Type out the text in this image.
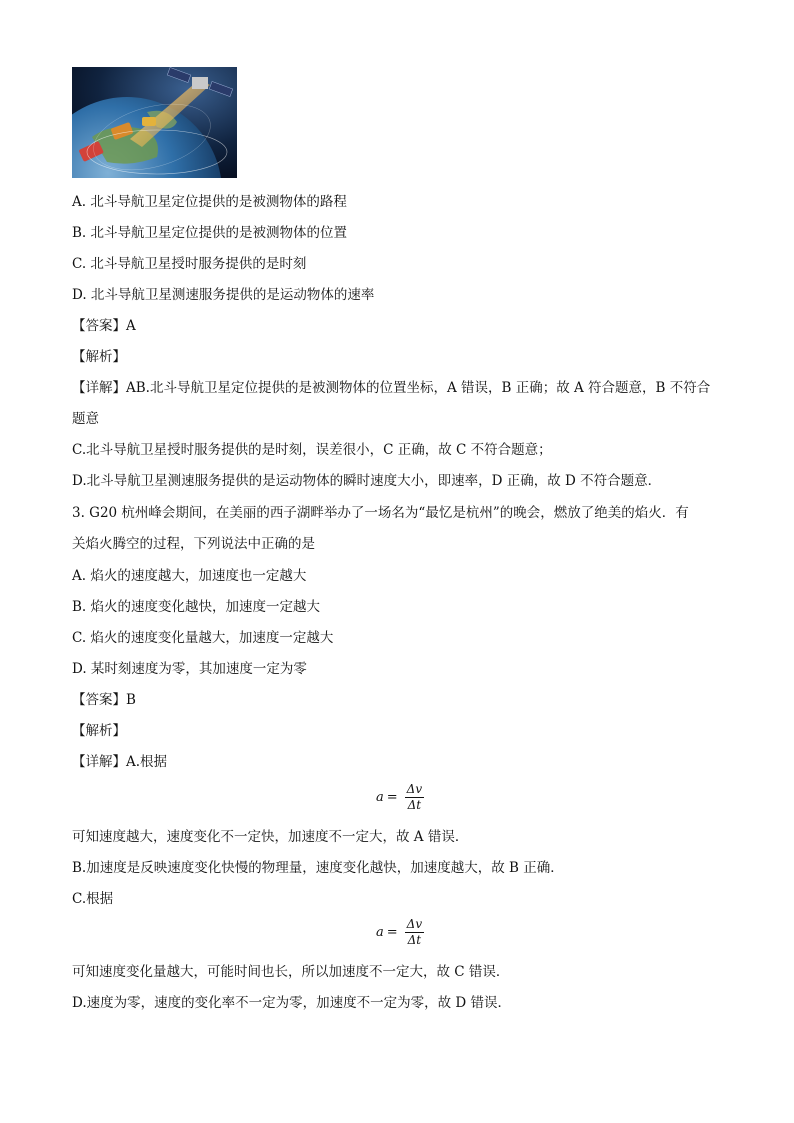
A. 北斗导航卫星定位提供的是被测物体的路程
B. 北斗导航卫星定位提供的是被测物体的位置
C. 北斗导航卫星授时服务提供的是时刻
D. 北斗导航卫星测速服务提供的是运动物体的速率
【答案】A
【解析】
【详解】AB.北斗导航卫星定位提供的是被测物体的位置坐标，A 错误，B 正确；故 A 符合题意，B 不符合
题意
C.北斗导航卫星授时服务提供的是时刻，误差很小，C 正确，故 C 不符合题意；
D.北斗导航卫星测速服务提供的是运动物体的瞬时速度大小，即速率，D 正确，故 D 不符合题意．
3. G20 杭州峰会期间，在美丽的西子湖畔举办了一场名为“最忆是杭州”的晚会，燃放了绝美的焰火．有
关焰火腾空的过程，下列说法中正确的是
A. 焰火的速度越大，加速度也一定越大
B. 焰火的速度变化越快，加速度一定越大
C. 焰火的速度变化量越大，加速度一定越大
D. 某时刻速度为零，其加速度一定为零
【答案】B
【解析】
【详解】A.根据
$a = \frac{\Delta v}{\Delta t}$
可知速度越大，速度变化不一定快，加速度不一定大，故 A 错误．
B.加速度是反映速度变化快慢的物理量，速度变化越快，加速度越大，故 B 正确．
C.根据
$a = \frac{\Delta v}{\Delta t}$
可知速度变化量越大，可能时间也长，所以加速度不一定大，故 C 错误．
D.速度为零，速度的变化率不一定为零，加速度不一定为零，故 D 错误．
